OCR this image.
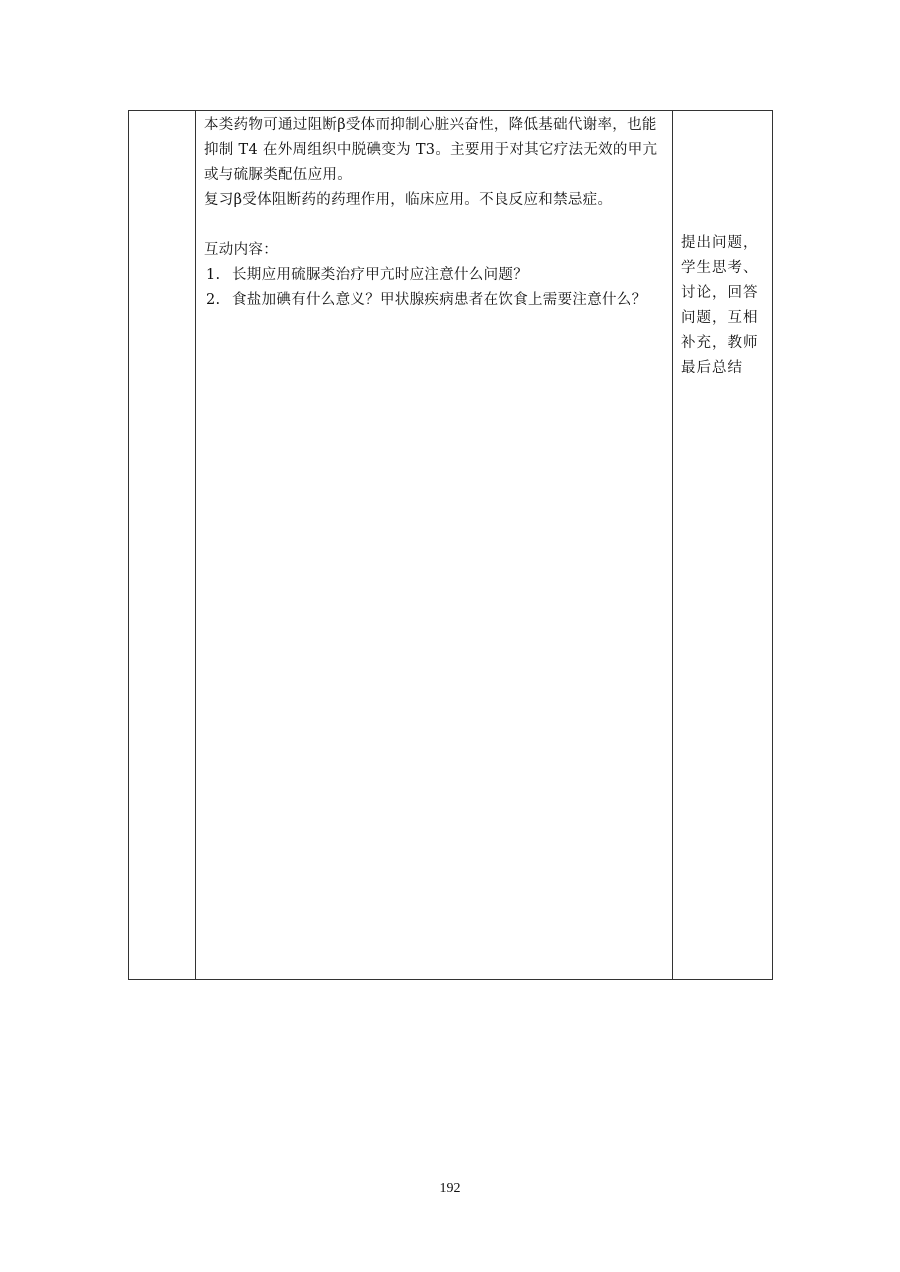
本类药物可通过阻断β受体而抑制心脏兴奋性，降低基础代谢率，也能抑制 T4 在外周组织中脱碘变为 T3。主要用于对其它疗法无效的甲亢或与硫脲类配伍应用。

复习β受体阻断药的药理作用，临床应用。不良反应和禁忌症。

互动内容：

1. 长期应用硫脲类治疗甲亢时应注意什么问题？

2. 食盐加碘有什么意义？甲状腺疾病患者在饮食上需要注意什么？

提出问题，
学生思考、
讨论，回答
问题，互相
补充，教师
最后总结
192
